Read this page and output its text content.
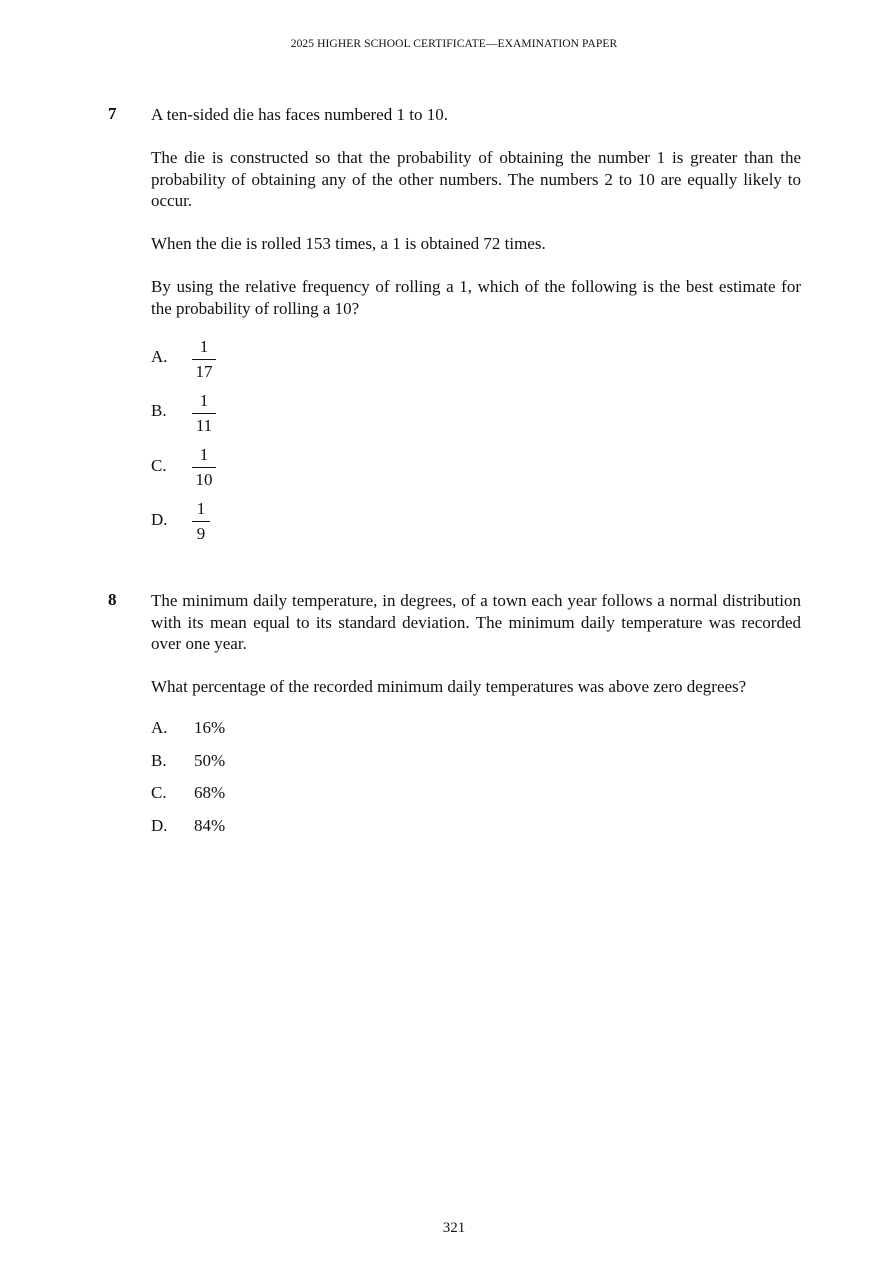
2025 HIGHER SCHOOL CERTIFICATE—EXAMINATION PAPER
7 A ten-sided die has faces numbered 1 to 10.
The die is constructed so that the probability of obtaining the number 1 is greater than the probability of obtaining any of the other numbers. The numbers 2 to 10 are equally likely to occur.
When the die is rolled 153 times, a 1 is obtained 72 times.
By using the relative frequency of rolling a 1, which of the following is the best estimate for the probability of rolling a 10?
A.
1
17
B.
1
11
C.
1
10
D.
1
9
8 The minimum daily temperature, in degrees, of a town each year follows a normal distribution with its mean equal to its standard deviation. The minimum daily temperature was recorded over one year.
What percentage of the recorded minimum daily temperatures was above zero degrees?
A. 16%
B. 50%
C. 68%
D. 84%
321
